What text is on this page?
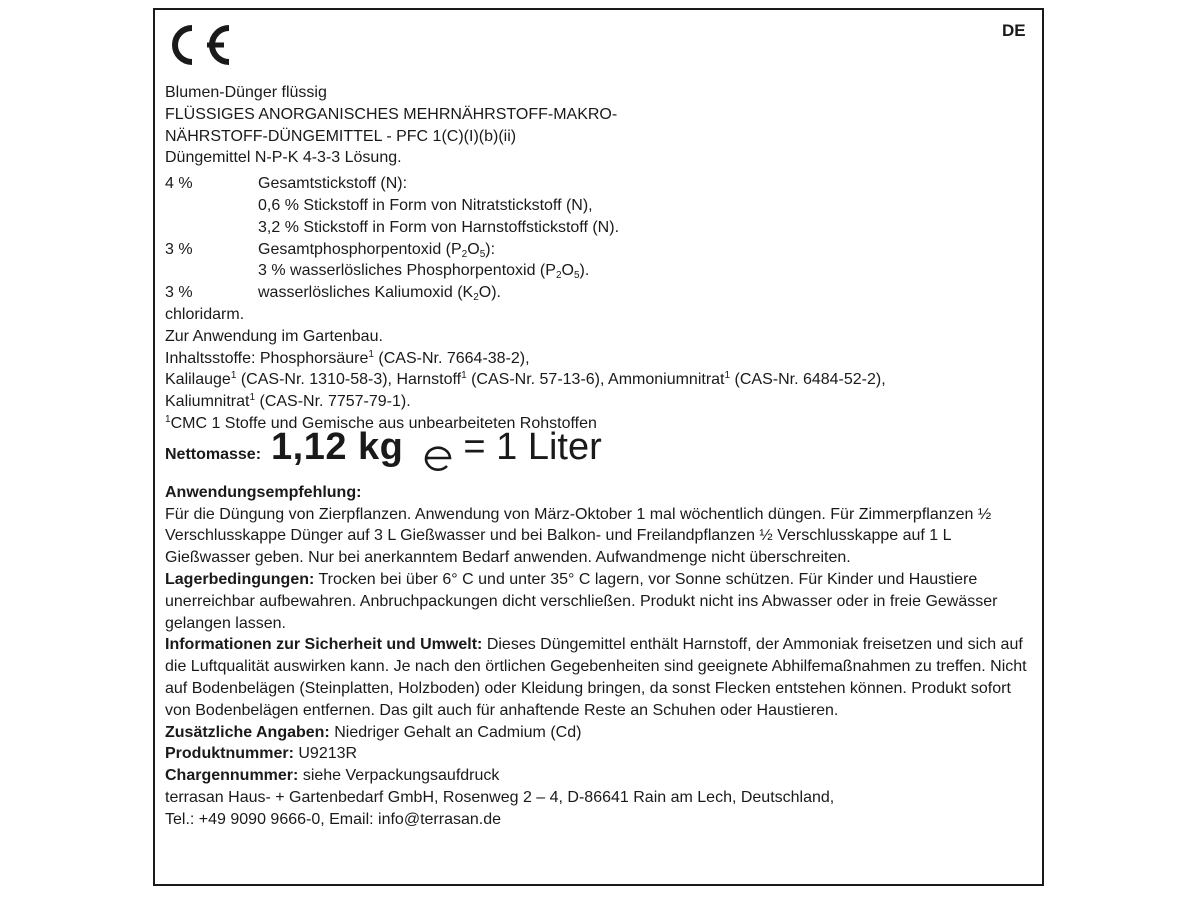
DE
Blumen-Dünger flüssig
FLÜSSIGES ANORGANISCHES MEHRNÄHRSTOFF-MAKRO-
NÄHRSTOFF-DÜNGEMITTEL - PFC 1(C)(I)(b)(ii)
Düngemittel N-P-K 4-3-3 Lösung.
4 %	Gesamtstickstoff (N):
0,6 % Stickstoff in Form von Nitratstickstoff (N),
3,2 % Stickstoff in Form von Harnstoffstickstoff (N).
3 %	Gesamtphosphorpentoxid $(P_2O_5)$:
3 % wasserlösliches Phosphorpentoxid $(P_2O_5)$.
3 %	wasserlösliches Kaliumoxid $(K_2O)$.
chloridarm.
Zur Anwendung im Gartenbau.
Inhaltsstoffe: Phosphorsäure$^1$ (CAS-Nr. 7664-38-2),
Kalilauge$^1$ (CAS-Nr. 1310-58-3), Harnstoff$^1$ (CAS-Nr. 57-13-6), Ammoniumnitrat$^1$ (CAS-Nr. 6484-52-2),
Kaliumnitrat$^1$ (CAS-Nr. 7757-79-1).
$^1$CMC 1 Stoffe und Gemische aus unbearbeiteten Rohstoffen
Nettomasse: 1,12 kg = 1 Liter
Anwendungsempfehlung:
Für die Düngung von Zierpflanzen. Anwendung von März-Oktober 1 mal wöchentlich düngen. Für Zimmerpflanzen ½ Verschlusskappe Dünger auf 3 L Gießwasser und bei Balkon- und Freilandpflanzen ½ Verschlusskappe auf 1 L Gießwasser geben. Nur bei anerkanntem Bedarf anwenden. Aufwandmenge nicht überschreiten.
Lagerbedingungen: Trocken bei über 6° C und unter 35° C lagern, vor Sonne schützen. Für Kinder und Haustiere unerreichbar aufbewahren. Anbruchpackungen dicht verschließen. Produkt nicht ins Abwasser oder in freie Gewässer gelangen lassen.
Informationen zur Sicherheit und Umwelt: Dieses Düngemittel enthält Harnstoff, der Ammoniak freisetzen und sich auf die Luftqualität auswirken kann. Je nach den örtlichen Gegebenheiten sind geeignete Abhilfemaßnahmen zu treffen. Nicht auf Bodenbelägen (Steinplatten, Holzboden) oder Kleidung bringen, da sonst Flecken entstehen können. Produkt sofort von Bodenbelägen entfernen. Das gilt auch für anhaftende Reste an Schuhen oder Haustieren.
Zusätzliche Angaben: Niedriger Gehalt an Cadmium (Cd)
Produktnummer: U9213R
Chargennummer: siehe Verpackungsaufdruck
terrasan Haus- + Gartenbedarf GmbH, Rosenweg 2 – 4, D-86641 Rain am Lech, Deutschland,
Tel.: +49 9090 9666-0, Email: info@terrasan.de
